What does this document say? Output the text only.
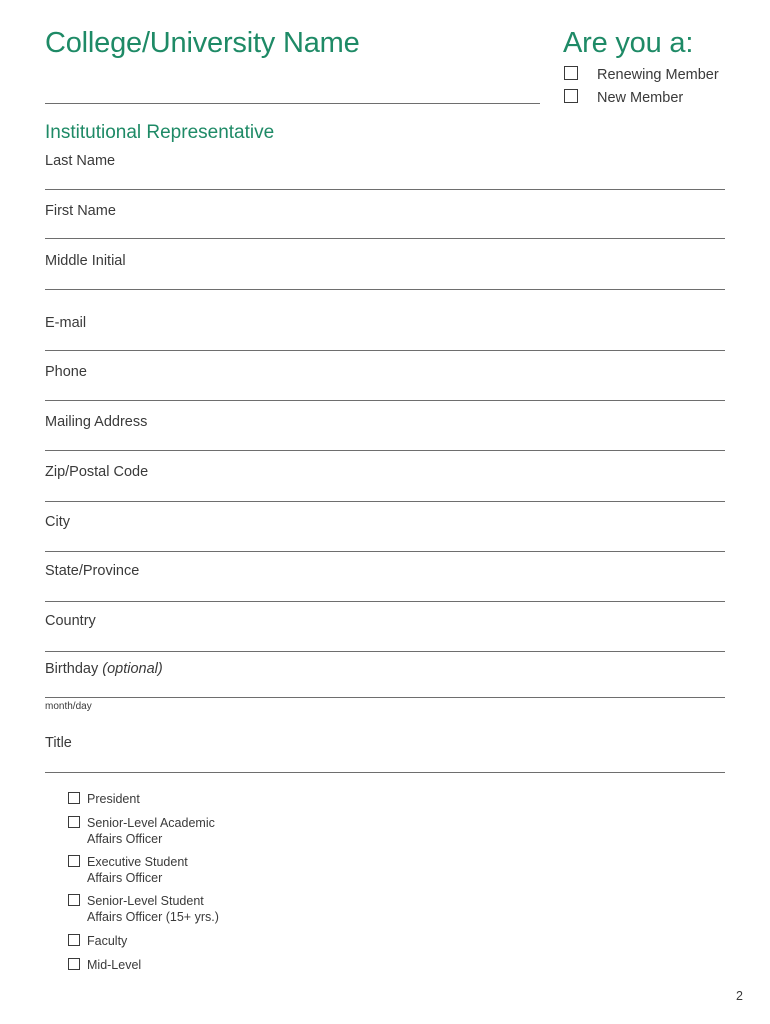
College/University Name	Are you a:
Renewing Member
New Member
Institutional Representative
Last Name
First Name
Middle Initial
E-mail
Phone
Mailing Address
Zip/Postal Code
City
State/Province
Country
Birthday (optional)
month/day
Title
President
Senior-Level Academic
Affairs Officer
Executive Student
Affairs Officer
Senior-Level Student
Affairs Officer (15+ yrs.)
Faculty
Mid-Level
2
